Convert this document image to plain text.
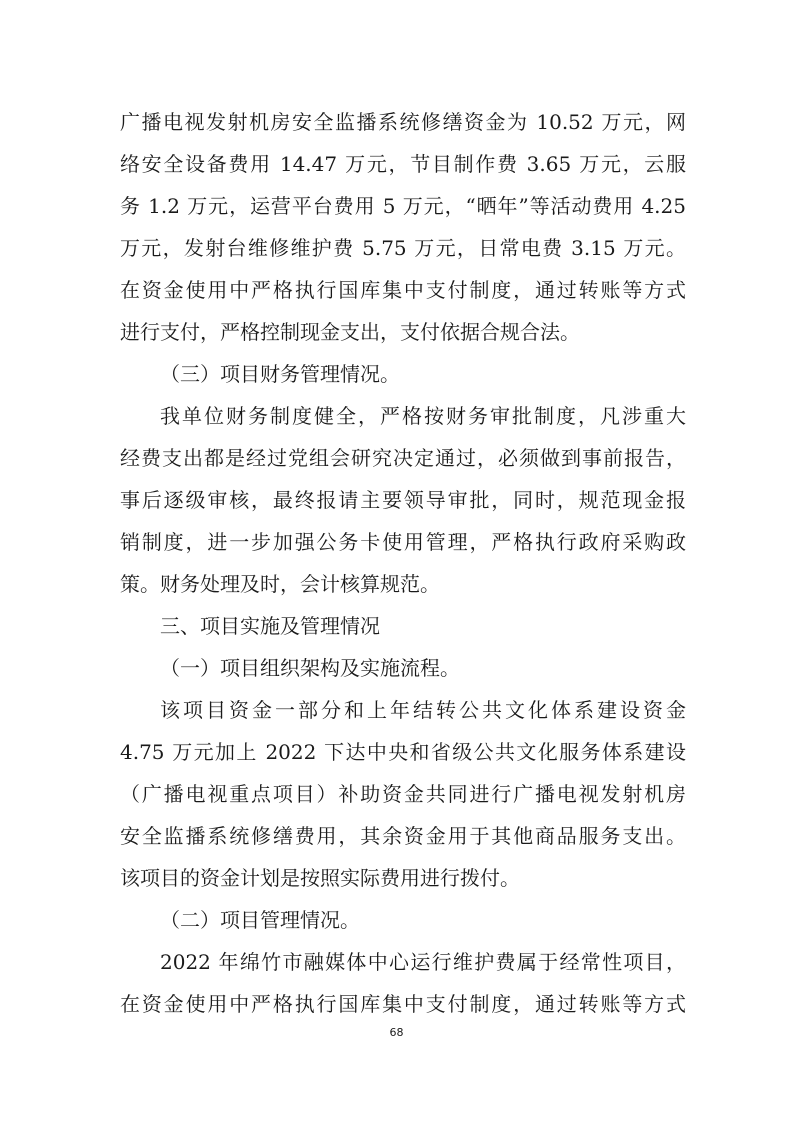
广播电视发射机房安全监播系统修缮资金为 10.52 万元，网
络安全设备费用 14.47 万元，节目制作费 3.65 万元，云服
务 1.2 万元，运营平台费用 5 万元，“晒年”等活动费用 4.25
万元，发射台维修维护费 5.75 万元，日常电费 3.15 万元。
在资金使用中严格执行国库集中支付制度，通过转账等方式
进行支付，严格控制现金支出，支付依据合规合法。
（三）项目财务管理情况。
我单位财务制度健全，严格按财务审批制度，凡涉重大
经费支出都是经过党组会研究决定通过，必须做到事前报告，
事后逐级审核，最终报请主要领导审批，同时，规范现金报
销制度，进一步加强公务卡使用管理，严格执行政府采购政
策。财务处理及时，会计核算规范。
三、项目实施及管理情况
（一）项目组织架构及实施流程。
该项目资金一部分和上年结转公共文化体系建设资金
4.75 万元加上 2022 下达中央和省级公共文化服务体系建设
（广播电视重点项目）补助资金共同进行广播电视发射机房
安全监播系统修缮费用，其余资金用于其他商品服务支出。
该项目的资金计划是按照实际费用进行拨付。
（二）项目管理情况。
2022 年绵竹市融媒体中心运行维护费属于经常性项目，
在资金使用中严格执行国库集中支付制度，通过转账等方式
68
